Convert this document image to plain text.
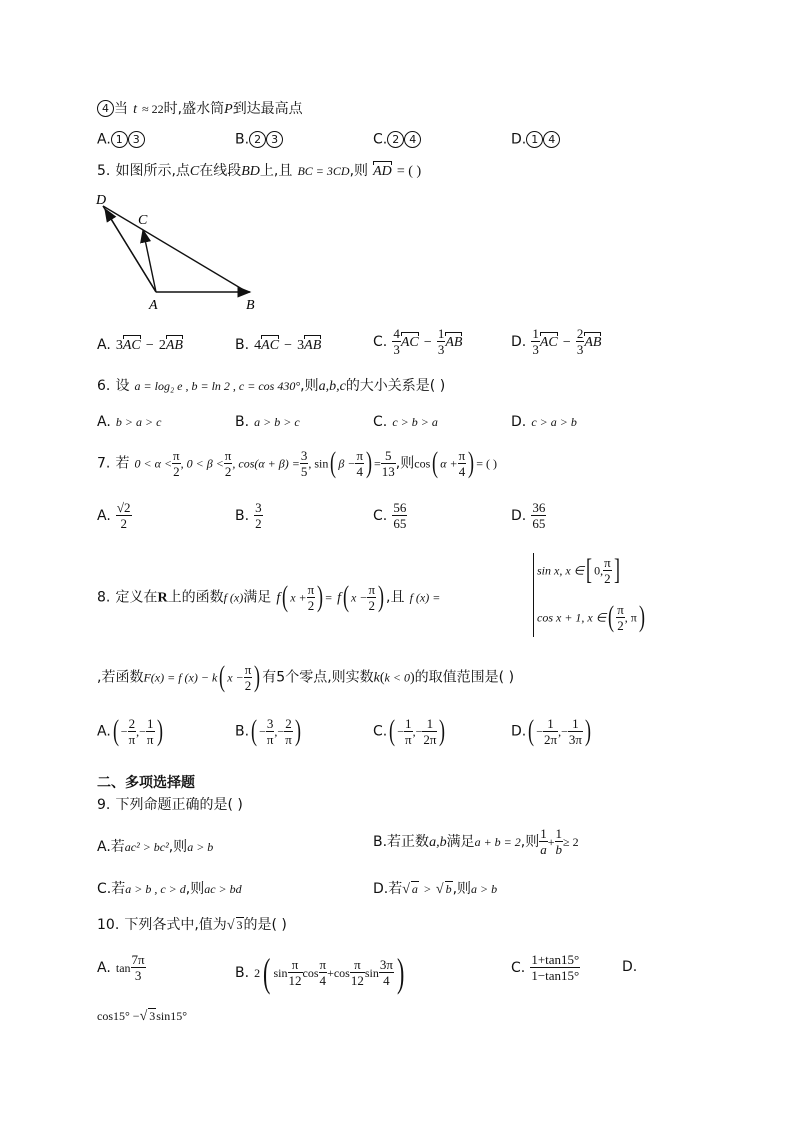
4 当 t ≈ 22时,盛水筒P到达最高点
A. 1 3	B. 2 3	C. 2 4	D. 1 4
5. 如图所示,点C在线段BD上,且 BC = 3CD,则 AD = ( )
D
C
A	B
A. 3AC − 2AB	B. 4AC − 3AB	C. $\frac{4}{3}$ AC − $\frac{1}{3}$ AB	D. $\frac{1}{3}$ AC − $\frac{2}{3}$ AB
6. 设 a = log₂ e , b = ln 2 , c = cos 430°,则a,b,c的大小关系是( )
A. b > a > c	B. a > b > c	C. c > b > a	D. c > a > b
7. 若 $0 < \alpha < \frac{\pi}{2}$ , $0 < \beta < \frac{\pi}{2}$ , $\cos(\alpha + \beta) = \frac{3}{5}$ , sin( $\beta - \frac{\pi}{4}$ ) = $\frac{5}{13}$ ,则cos( $\alpha + \frac{\pi}{4}$ ) = ( )
A. $\frac{√2}{2}$	B. $\frac{3}{2}$	C. $\frac{56}{65}$	D. $\frac{36}{65}$
8. 定义在R上的函数f (x)满足 f( $x + \frac{\pi}{2}$ ) = f( $x - \frac{\pi}{2}$ ) ,且 f (x) =
sin x, x ∈[ 0, $\frac{\pi}{2}$ ]
cos x + 1, x ∈( $\frac{\pi}{2}$ , π)
,若函数F(x) = f (x) − k( $x - \frac{\pi}{2}$ ) 有5个零点,则实数k(k < 0)的取值范围是( )
$A.( - \frac{2}{\pi}$ ,− $\frac{1}{\pi}$ )	$B.( - \frac{3}{\pi}$ ,− $\frac{2}{\pi}$ )	$C.( - \frac{1}{\pi}$ ,− $\frac{1}{2\pi}$ )	$D.( - \frac{1}{2\pi}$ ,− $\frac{1}{3\pi}$ )
二、多项选择题
9. 下列命题正确的是( )
A.若ac² > bc²,则a > b	B.若正数a,b满足a + b = 2,则 $\frac{1}{a} + \frac{1}{b} \ge 2$
C.若a > b , c > d,则ac > bd	D.若√ a > √ b,则a > b
10. 下列各式中,值为√ 3的是( )
A. $\tan \frac{7\pi}{3}$	B. 2( $\sin \frac{\pi}{12}$ $\cos \frac{\pi}{4} +\cos \frac{\pi}{12}$ $\sin \frac{3\pi}{4}$ )	C. $\frac{1+\tan 15^\circ}{1-\tan 15^\circ}$	D.
cos15° −√ 3sin15°
